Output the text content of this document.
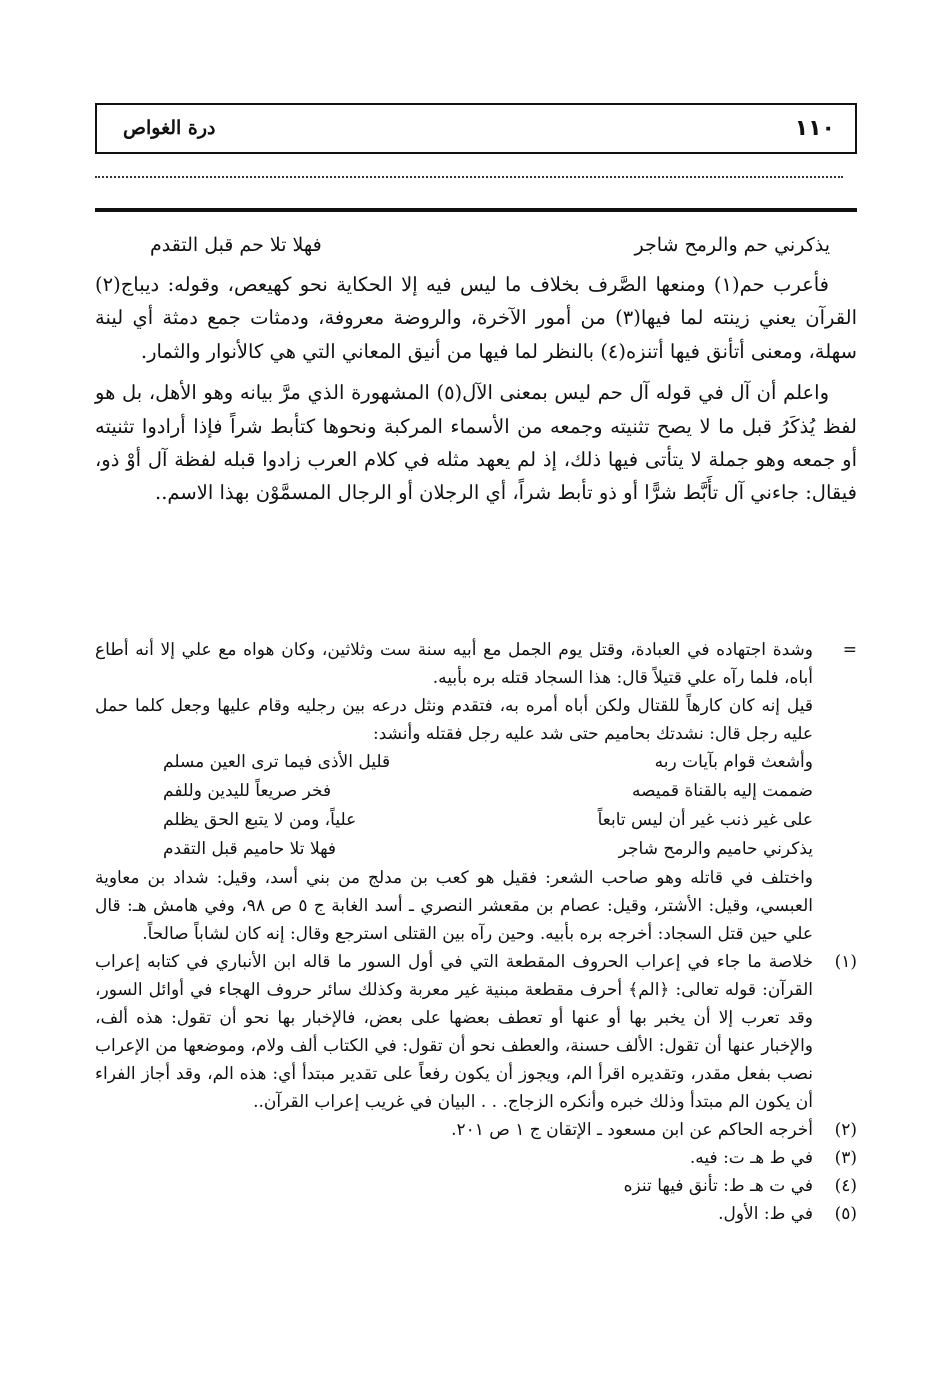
١١٠
درة الغواص
يذكرني حم والرمح شاجر
فهلا تلا حم قبل التقدم

فأعرب حم(١) ومنعها الصَّرف بخلاف ما ليس فيه إلا الحكاية نحو كهيعص، وقوله: ديباج(٢) القرآن يعني زينته لما فيها(٣) من أمور الآخرة، والروضة معروفة، ودمثات جمع دمثة أي لينة سهلة، ومعنى أتأنق فيها أتنزه(٤) بالنظر لما فيها من أنيق المعاني التي هي كالأنوار والثمار.

واعلم أن آل في قوله آل حم ليس بمعنى الآل(٥) المشهورة الذي مرَّ بيانه وهو الأهل، بل هو لفظ يُذكَرُ قبل ما لا يصح تثنيته وجمعه من الأسماء المركبة ونحوها كتأبط شراً فإذا أرادوا تثنيته أو جمعه وهو جملة لا يتأتى فيها ذلك، إذ لم يعهد مثله في كلام العرب زادوا قبله لفظة آل أوْ ذو، فيقال: جاءني آل تأَبَّط شرًّا أو ذو تأبط شراً، أي الرجلان أو الرجال المسمَّوْن بهذا الاسم..

=
وشدة اجتهاده في العبادة، وقتل يوم الجمل مع أبيه سنة ست وثلاثين، وكان هواه مع علي إلا أنه أطاع أباه، فلما رآه علي قتيلاً قال: هذا السجاد قتله بره بأبيه.
قيل إنه كان كارهاً للقتال ولكن أباه أمره به، فتقدم ونثل درعه بين رجليه وقام عليها وجعل كلما حمل عليه رجل قال: نشدتك بحاميم حتى شد عليه رجل فقتله وأنشد:
وأشعث قوام بآيات ربه
قليل الأذى فيما ترى العين مسلم
ضممت إليه بالقناة قميصه
فخر صريعاً لليدين وللفم
على غير ذنب غير أن ليس تابعاً
علياً، ومن لا يتبع الحق يظلم
يذكرني حاميم والرمح شاجر
فهلا تلا حاميم قبل التقدم
واختلف في قاتله وهو صاحب الشعر: فقيل هو كعب بن مدلج من بني أسد، وقيل: شداد بن معاوية العبسي، وقيل: الأشتر، وقيل: عصام بن مقعشر النصري ـ أسد الغابة ج ٥ ص ٩٨، وفي هامش هـ: قال علي حين قتل السجاد: أخرجه بره بأبيه. وحين رآه بين القتلى استرجع وقال: إنه كان لشاباً صالحاً.
(١)
خلاصة ما جاء في إعراب الحروف المقطعة التي في أول السور ما قاله ابن الأنباري في كتابه إعراب القرآن: قوله تعالى: ﴿الم﴾ أحرف مقطعة مبنية غير معربة وكذلك سائر حروف الهجاء في أوائل السور، وقد تعرب إلا أن يخبر بها أو عنها أو تعطف بعضها على بعض، فالإخبار بها نحو أن تقول: هذه ألف، والإخبار عنها أن تقول: الألف حسنة، والعطف نحو أن تقول: في الكتاب ألف ولام، وموضعها من الإعراب نصب بفعل مقدر، وتقديره اقرأ الم، ويجوز أن يكون رفعاً على تقدير مبتدأ أي: هذه الم، وقد أجاز الفراء أن يكون الم مبتدأ وذلك خبره وأنكره الزجاج. . . البيان في غريب إعراب القرآن..
(٢)
أخرجه الحاكم عن ابن مسعود ـ الإتقان ج ١ ص ٢٠١.
(٣)
في ط هـ ت: فيه.
(٤)
في ت هـ ط: تأنق فيها تنزه
(٥)
في ط: الأول.
